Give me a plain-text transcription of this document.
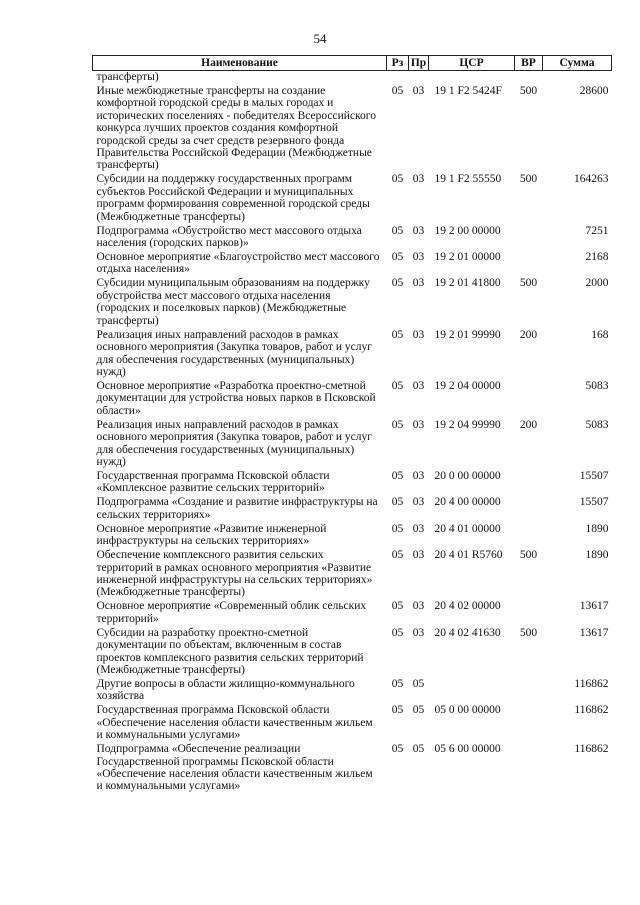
54
Наименование	Рз	Пр	ЦСР	ВР	Сумма
трансферты)					
Иные межбюджетные трансферты на создание комфортной городской среды в малых городах и исторических поселениях - победителях Всероссийского конкурса лучших проектов создания комфортной городской среды за счет средств резервного фонда Правительства Российской Федерации (Межбюджетные трансферты)	05	03	19 1 F2 5424F	500	28600
Субсидии на поддержку государственных программ субъектов Российской Федерации и муниципальных программ формирования современной городской среды (Межбюджетные трансферты)	05	03	19 1 F2 55550	500	164263
Подпрограмма «Обустройство мест массового отдыха населения (городских парков)»	05	03	19 2 00 00000		7251
Основное мероприятие «Благоустройство мест массового отдыха населения»	05	03	19 2 01 00000		2168
Субсидии муниципальным образованиям на поддержку обустройства мест массового отдыха населения (городских и поселковых парков) (Межбюджетные трансферты)	05	03	19 2 01 41800	500	2000
Реализация иных направлений расходов в рамках основного мероприятия (Закупка товаров, работ и услуг для обеспечения государственных (муниципальных) нужд)	05	03	19 2 01 99990	200	168
Основное мероприятие «Разработка проектно-сметной документации для устройства новых парков в Псковской области»	05	03	19 2 04 00000		5083
Реализация иных направлений расходов в рамках основного мероприятия (Закупка товаров, работ и услуг для обеспечения государственных (муниципальных) нужд)	05	03	19 2 04 99990	200	5083
Государственная программа Псковской области «Комплексное развитие сельских территорий»	05	03	20 0 00 00000		15507
Подпрограмма «Создание и развитие инфраструктуры на сельских территориях»	05	03	20 4 00 00000		15507
Основное мероприятие «Развитие инженерной инфраструктуры на сельских территориях»	05	03	20 4 01 00000		1890
Обеспечение комплексного развития сельских территорий в рамках основного мероприятия «Развитие инженерной инфраструктуры на сельских территориях» (Межбюджетные трансферты)	05	03	20 4 01 R5760	500	1890
Основное мероприятие «Современный облик сельских территорий»	05	03	20 4 02 00000		13617
Субсидии на разработку проектно-сметной документации по объектам, включенным в состав проектов комплексного развития сельских территорий (Межбюджетные трансферты)	05	03	20 4 02 41630	500	13617
Другие вопросы в области жилищно-коммунального хозяйства	05	05			116862
Государственная программа Псковской области «Обеспечение населения области качественным жильем и коммунальными услугами»	05	05	05 0 00 00000		116862
Подпрограмма «Обеспечение реализации Государственной программы Псковской области «Обеспечение населения области качественным жильем и коммунальными услугами»	05	05	05 6 00 00000		116862
